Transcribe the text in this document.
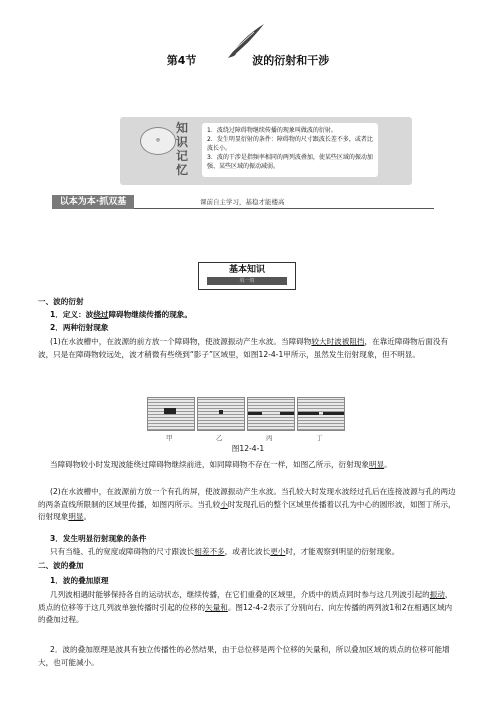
第4节	波的衍射和干涉
◎
知识记忆
1．波绕过障碍物继续传播的现象叫做波的衍射。
2．发生明显衍射的条件：障碍物的尺寸跟波长差不多，或者比波长小。
3．波的干涉是指频率相同的两列波叠加，使某些区域的振动加强、某些区域的振动减弱。
以本为本·抓双基	课前自主学习，基稳才能楼高
基本知识
填一填
一、波的衍射
1．定义：波绕过障碍物继续传播的现象。
2．两种衍射现象
(1)在水波槽中，在波源的前方放一个障碍物，使波源振动产生水波。当障碍物较大时波被阻挡，在靠近障碍物后面没有波，只是在障碍物较远处，波才稍微有些绕到“影子”区域里，如图12-4-1甲所示，虽然发生衍射现象，但不明显。
甲	乙	丙	丁
图12-4-1
当障碍物较小时发现波能绕过障碍物继续前进，如同障碍物不存在一样，如图乙所示，衍射现象明显。
(2)在水波槽中，在波源前方放一个有孔的屏，使波源振动产生水波。当孔较大时发现水波经过孔后在连接波源与孔的两边的两条直线所限制的区域里传播，如图丙所示。当孔较小时发现孔后的整个区域里传播着以孔为中心的圆形波，如图丁所示，衍射现象明显。
3．发生明显衍射现象的条件
只有当缝、孔的宽度或障碍物的尺寸跟波长相差不多，或者比波长更小时，才能观察到明显的衍射现象。
二、波的叠加
1．波的叠加原理
几列波相遇时能够保持各自的运动状态，继续传播，在它们重叠的区域里，介质中的质点同时参与这几列波引起的振动，质点的位移等于这几列波单独传播时引起的位移的矢量和。图12-4-2表示了分别向右、向左传播的两列波1和2在相遇区域内的叠加过程。
2．波的叠加原理是波具有独立传播性的必然结果，由于总位移是两个位移的矢量和，所以叠加区域的质点的位移可能增大，也可能减小。
